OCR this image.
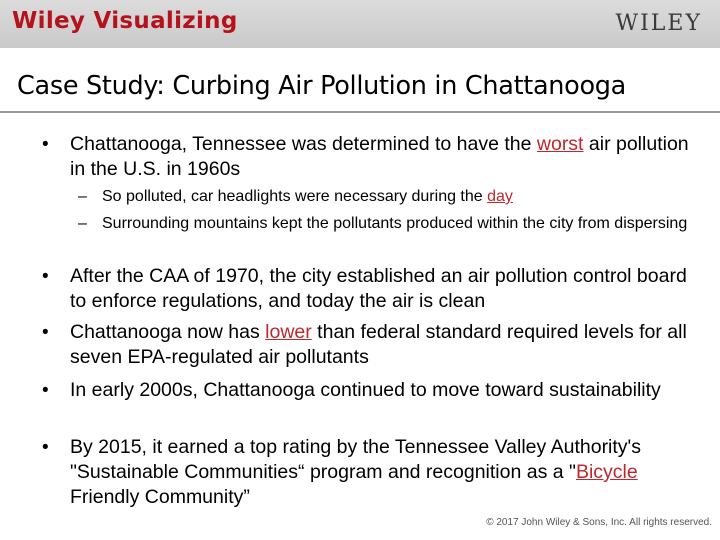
Wiley Visualizing	WILEY
Case Study: Curbing Air Pollution in Chattanooga
• Chattanooga, Tennessee was determined to have the worst air pollution in the U.S. in 1960s
– So polluted, car headlights were necessary during the day
– Surrounding mountains kept the pollutants produced within the city from dispersing
• After the CAA of 1970, the city established an air pollution control board to enforce regulations, and today the air is clean
• Chattanooga now has lower than federal standard required levels for all seven EPA-regulated air pollutants
• In early 2000s, Chattanooga continued to move toward sustainability
• By 2015, it earned a top rating by the Tennessee Valley Authority's "Sustainable Communities“ program and recognition as a "Bicycle Friendly Community”
© 2017 John Wiley & Sons, Inc. All rights reserved.
